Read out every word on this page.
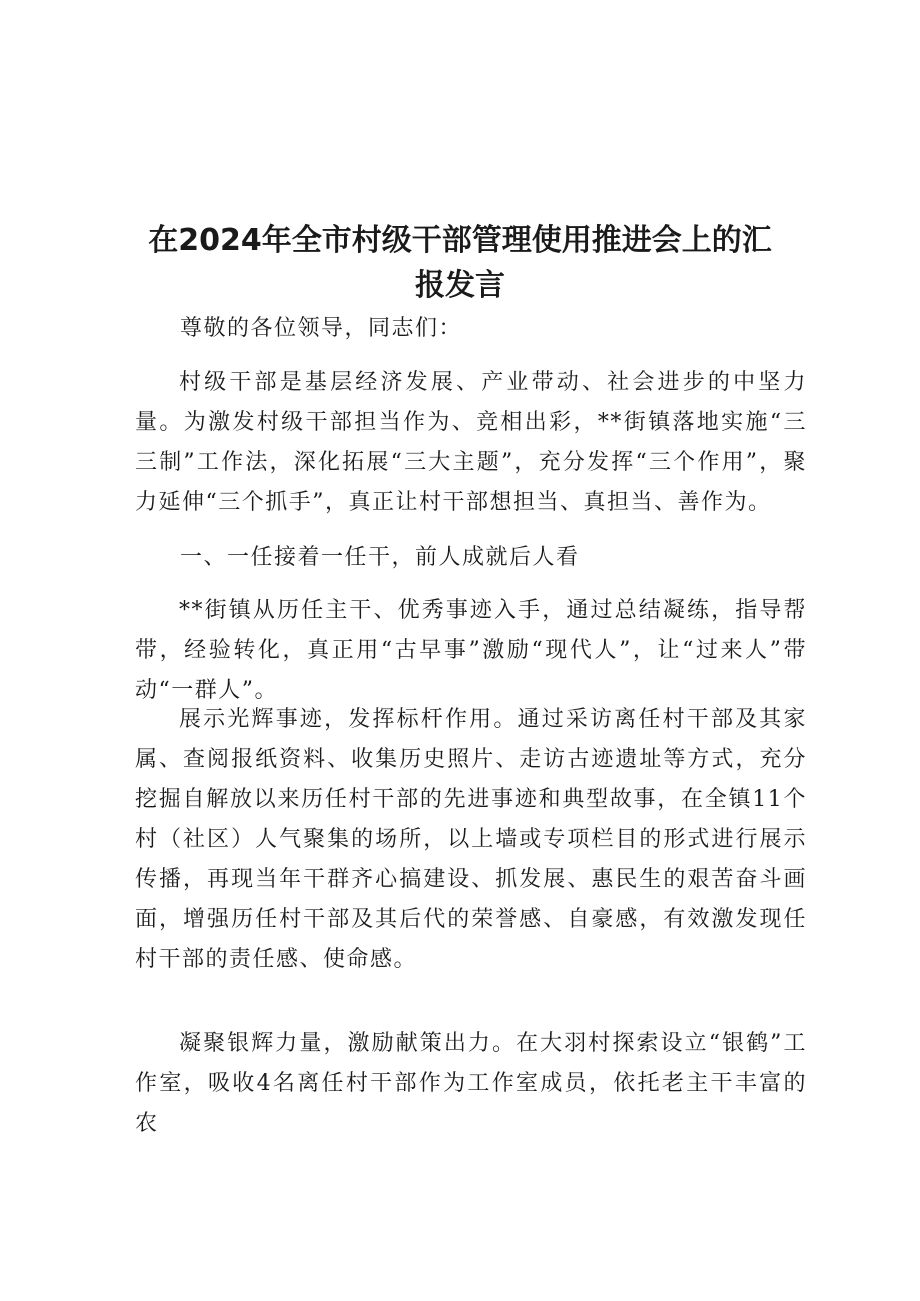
在2024年全市村级干部管理使用推进会上的汇
报发言

尊敬的各位领导，同志们：

村级干部是基层经济发展、产业带动、社会进步的中坚力量。为激发村级干部担当作为、竞相出彩，**街镇落地实施“三三制”工作法，深化拓展“三大主题”，充分发挥“三个作用”，聚力延伸“三个抓手”，真正让村干部想担当、真担当、善作为。

一、一任接着一任干，前人成就后人看

**街镇从历任主干、优秀事迹入手，通过总结凝练，指导帮带，经验转化，真正用“古早事”激励“现代人”，让“过来人”带动“一群人”。

展示光辉事迹，发挥标杆作用。通过采访离任村干部及其家属、查阅报纸资料、收集历史照片、走访古迹遗址等方式，充分挖掘自解放以来历任村干部的先进事迹和典型故事，在全镇11个村（社区）人气聚集的场所，以上墙或专项栏目的形式进行展示传播，再现当年干群齐心搞建设、抓发展、惠民生的艰苦奋斗画面，增强历任村干部及其后代的荣誉感、自豪感，有效激发现任村干部的责任感、使命感。

凝聚银辉力量，激励献策出力。在大羽村探索设立“银鹤”工作室，吸收4名离任村干部作为工作室成员，依托老主干丰富的农
